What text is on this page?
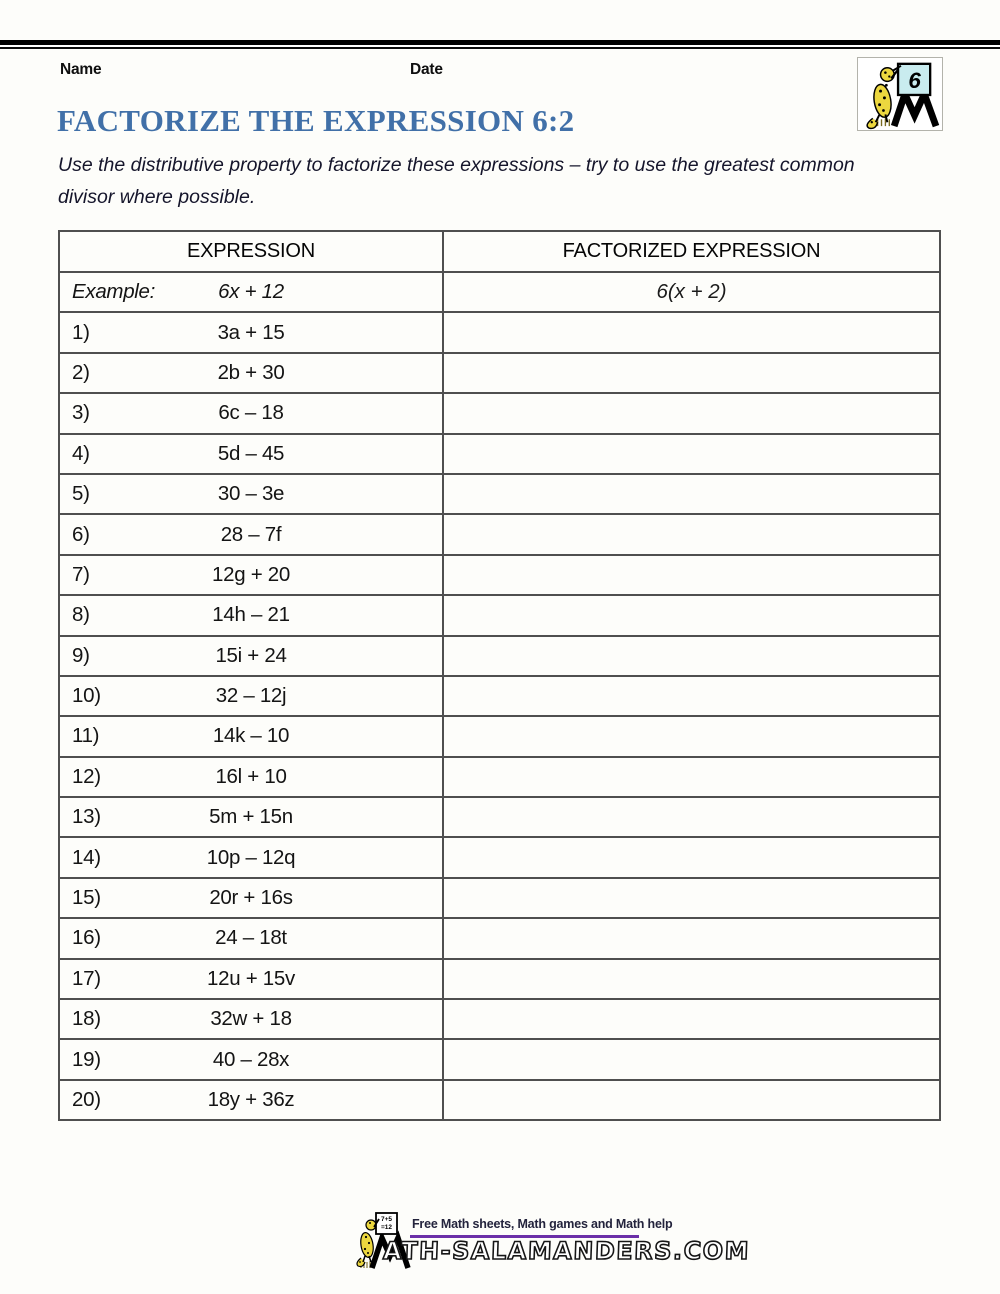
Name	Date	6
FACTORIZE THE EXPRESSION 6:2

Use the distributive property to factorize these expressions – try to use the greatest common
divisor where possible.

EXPRESSION	FACTORIZED EXPRESSION

Example: 6x + 12	6(x + 2)

1) 3a + 15	

2) 2b + 30	

3) 6c – 18	

4) 5d – 45	

5) 30 – 3e	

6) 28 – 7f	

7) 12g + 20	

8) 14h – 21	

9) 15i + 24	

10) 32 – 12j	

11) 14k – 10	

12) 16l + 10	

13) 5m + 15n	

14) 10p – 12q	

15) 20r + 16s	

16) 24 – 18t	

17) 12u + 15v	

18) 32w + 18	

19) 40 – 28x	

20) 18y + 36z	
7+5
=12 Free Math sheets, Math games and Math help
ATH-SALAMANDERS.COM
